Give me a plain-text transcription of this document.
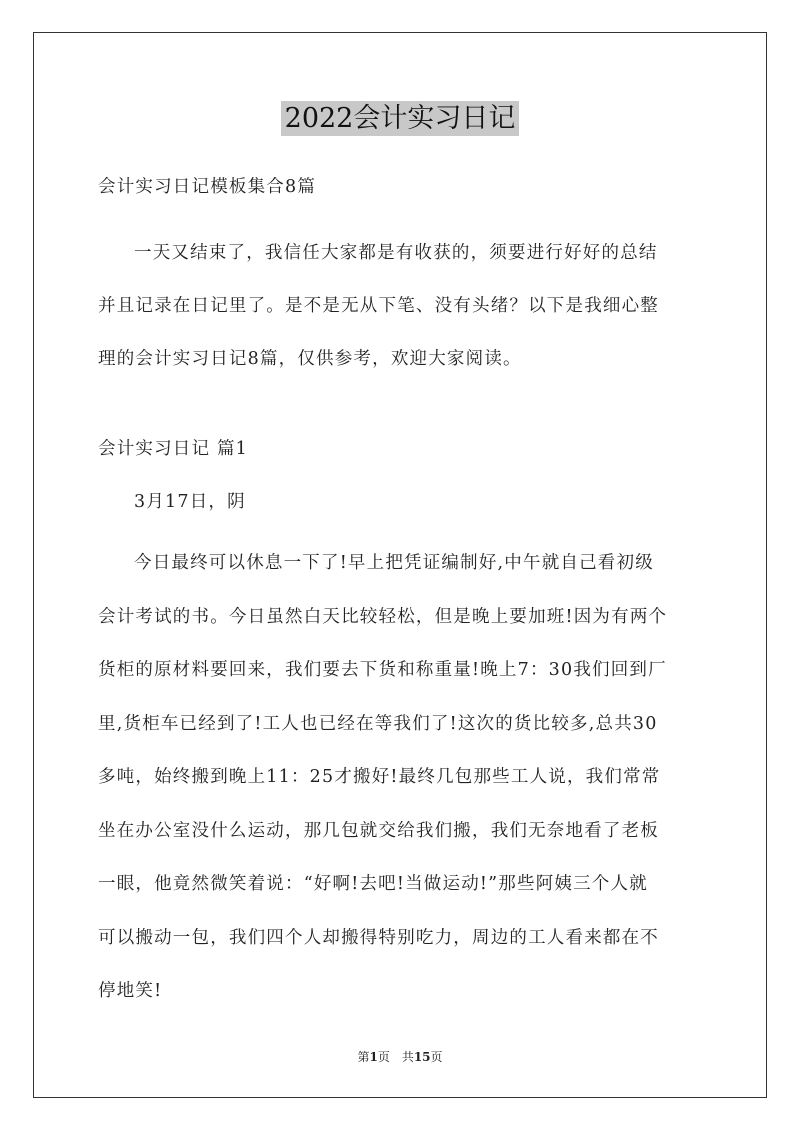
2022会计实习日记
会计实习日记模板集合8篇
一天又结束了，我信任大家都是有收获的，须要进行好好的总结
并且记录在日记里了。是不是无从下笔、没有头绪？以下是我细心整
理的会计实习日记8篇，仅供参考，欢迎大家阅读。
会计实习日记 篇1
3月17日，阴
今日最终可以休息一下了!早上把凭证编制好,中午就自己看初级
会计考试的书。今日虽然白天比较轻松，但是晚上要加班!因为有两个
货柜的原材料要回来，我们要去下货和称重量!晚上7：30我们回到厂
里,货柜车已经到了!工人也已经在等我们了!这次的货比较多,总共30
多吨，始终搬到晚上11：25才搬好!最终几包那些工人说，我们常常
坐在办公室没什么运动，那几包就交给我们搬，我们无奈地看了老板
一眼，他竟然微笑着说：“好啊!去吧!当做运动!”那些阿姨三个人就
可以搬动一包，我们四个人却搬得特别吃力，周边的工人看来都在不
停地笑!
第1页　共15页
